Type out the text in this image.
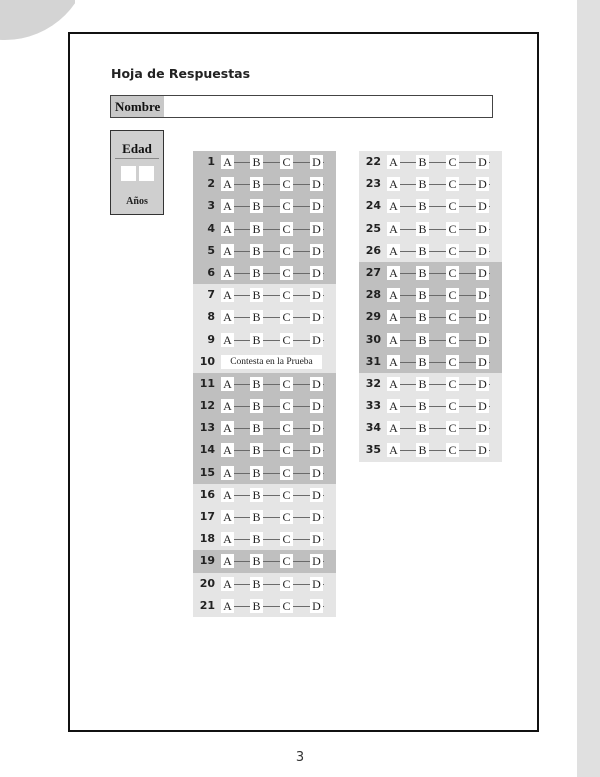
Hoja de Respuestas
Nombre
Edad
Años
1 A B C D
2 A B C D
3 A B C D
4 A B C D
5 A B C D
6 A B C D
7 A B C D
8 A B C D
9 A B C D
10	Contesta en la Prueba
11 A B C D
12 A B C D
13 A B C D
14 A B C D
15 A B C D
16 A B C D
17 A B C D
18 A B C D
19 A B C D
20 A B C D
21 A B C D
22 A B C D
23 A B C D
24 A B C D
25 A B C D
26 A B C D
27 A B C D
28 A B C D
29 A B C D
30 A B C D
31 A B C D
32 A B C D
33 A B C D
34 A B C D
35 A B C D
3
